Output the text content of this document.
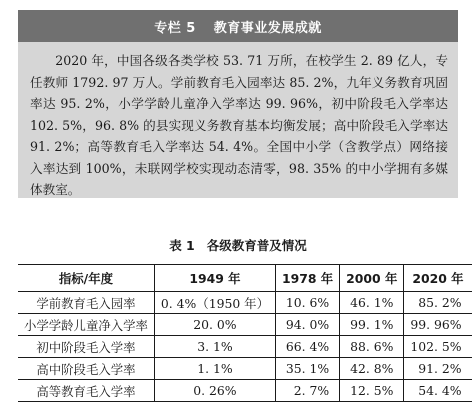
专栏 5 教育事业发展成就
2020 年，中国各级各类学校 53. 71 万所，在校学生 2. 89 亿人，专任教师 1792. 97 万人。学前教育毛入园率达 85. 2%，九年义务教育巩固率达 95. 2%，小学学龄儿童净入学率达 99. 96%，初中阶段毛入学率达 102. 5%，96. 8% 的县实现义务教育基本均衡发展；高中阶段毛入学率达 91. 2%；高等教育毛入学率达 54. 4%。全国中小学（含教学点）网络接入率达到 100%，未联网学校实现动态清零，98. 35% 的中小学拥有多媒体教室。
表 1 各级教育普及情况
指标/年度	1949 年	1978 年	2000 年	2020 年
学前教育毛入园率	0. 4%（1950 年）	10. 6%	46. 1%	85. 2%
小学学龄儿童净入学率	20. 0%	94. 0%	99. 1%	99. 96%
初中阶段毛入学率	3. 1%	66. 4%	88. 6%	102. 5%
高中阶段毛入学率	1. 1%	35. 1%	42. 8%	91. 2%
高等教育毛入学率	0. 26%	2. 7%	12. 5%	54. 4%
